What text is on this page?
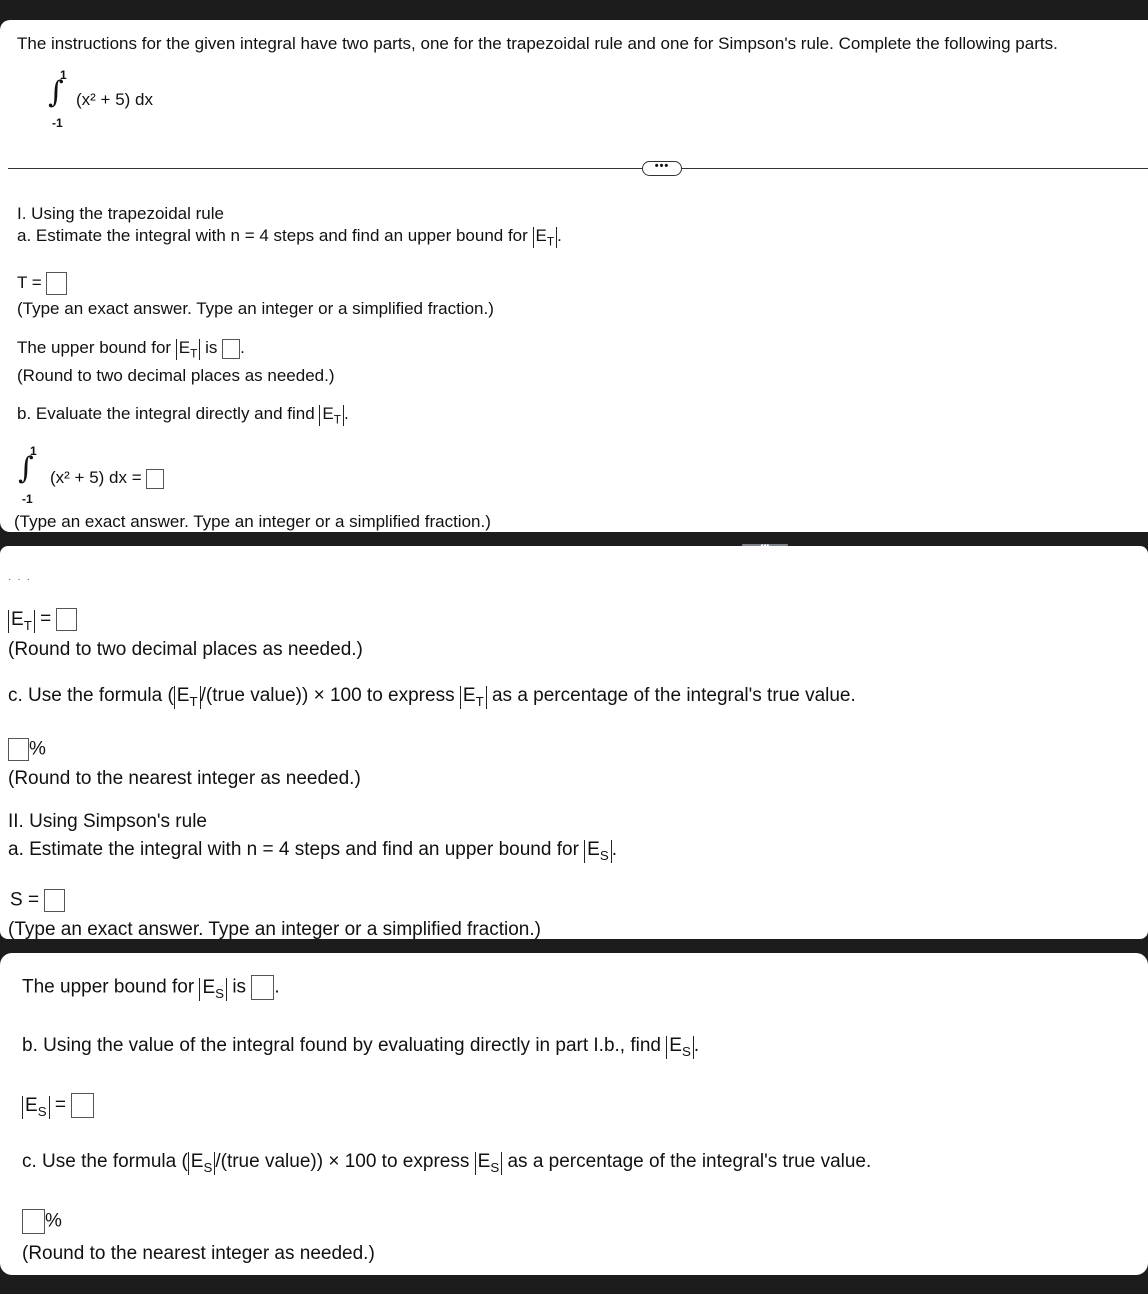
The instructions for the given integral have two parts, one for the trapezoidal rule and one for Simpson's rule. Complete the following parts.
1
∫
-1
(x² + 5) dx
•••
I. Using the trapezoidal rule
a. Estimate the integral with n = 4 steps and find an upper bound for $E_T$ .
T =
(Type an exact answer. Type an integer or a simplified fraction.)
The upper bound for $E_T$ is .
(Round to two decimal places as needed.)
b. Evaluate the integral directly and find $E_T$ .
1
∫
-1
(x² + 5) dx =
(Type an exact answer. Type an integer or a simplified fraction.)
···
$E_T$ =
(Round to two decimal places as needed.)
c. Use the formula ( $E_T$ /(true value)) × 100 to express $E_T$ as a percentage of the integral's true value.
%
(Round to the nearest integer as needed.)
II. Using Simpson's rule
a. Estimate the integral with n = 4 steps and find an upper bound for $E_S$ .
S =
(Type an exact answer. Type an integer or a simplified fraction.)
The upper bound for $E_S$ is .
b. Using the value of the integral found by evaluating directly in part I.b., find $E_S$ .
$E_S$ =
c. Use the formula ( $E_S$ /(true value)) × 100 to express $E_S$ as a percentage of the integral's true value.
%
(Round to the nearest integer as needed.)
